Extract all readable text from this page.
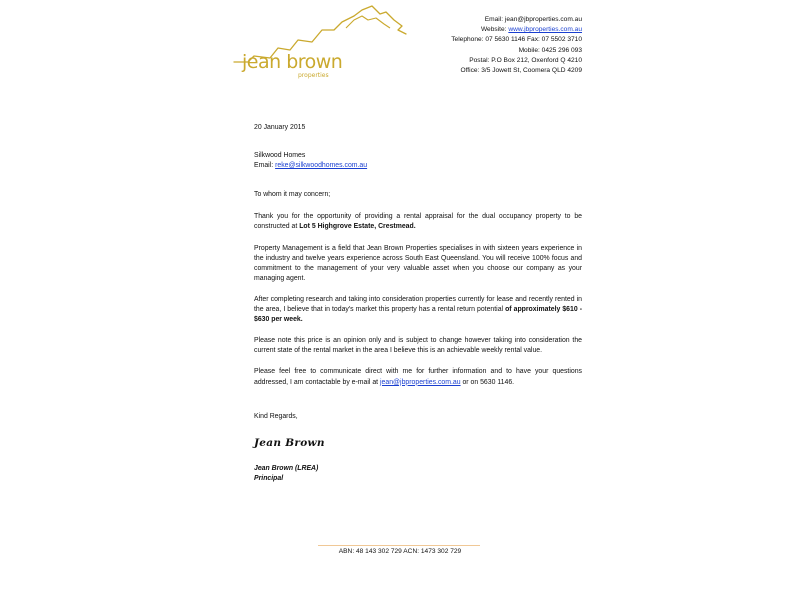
jean brown
properties
Email: jean@jbproperties.com.au
Website: www.jbproperties.com.au
Telephone: 07 5630 1146 Fax: 07 5502 3710
Mobile: 0425 296 093
Postal: P.O Box 212, Oxenford Q 4210
Office: 3/5 Jowett St, Coomera QLD 4209

20 January 2015

Silkwood Homes

Email: reke@silkwoodhomes.com.au

To whom it may concern;

Thank you for the opportunity of providing a rental appraisal for the dual occupancy property to be constructed at Lot 5 Highgrove Estate, Crestmead.

Property Management is a field that Jean Brown Properties specialises in with sixteen years experience in the industry and twelve years experience across South East Queensland. You will receive 100% focus and commitment to the management of your very valuable asset when you choose our company as your managing agent.

After completing research and taking into consideration properties currently for lease and recently rented in the area, I believe that in today's market this property has a rental return potential of approximately $610 - $630 per week.

Please note this price is an opinion only and is subject to change however taking into consideration the current state of the rental market in the area I believe this is an achievable weekly rental value.

Please feel free to communicate direct with me for further information and to have your questions addressed, I am contactable by e-mail at jean@jbproperties.com.au or on 5630 1146.

Kind Regards,

Jean Brown

Jean Brown (LREA)

Principal

ABN: 48 143 302 729 ACN: 1473 302 729
